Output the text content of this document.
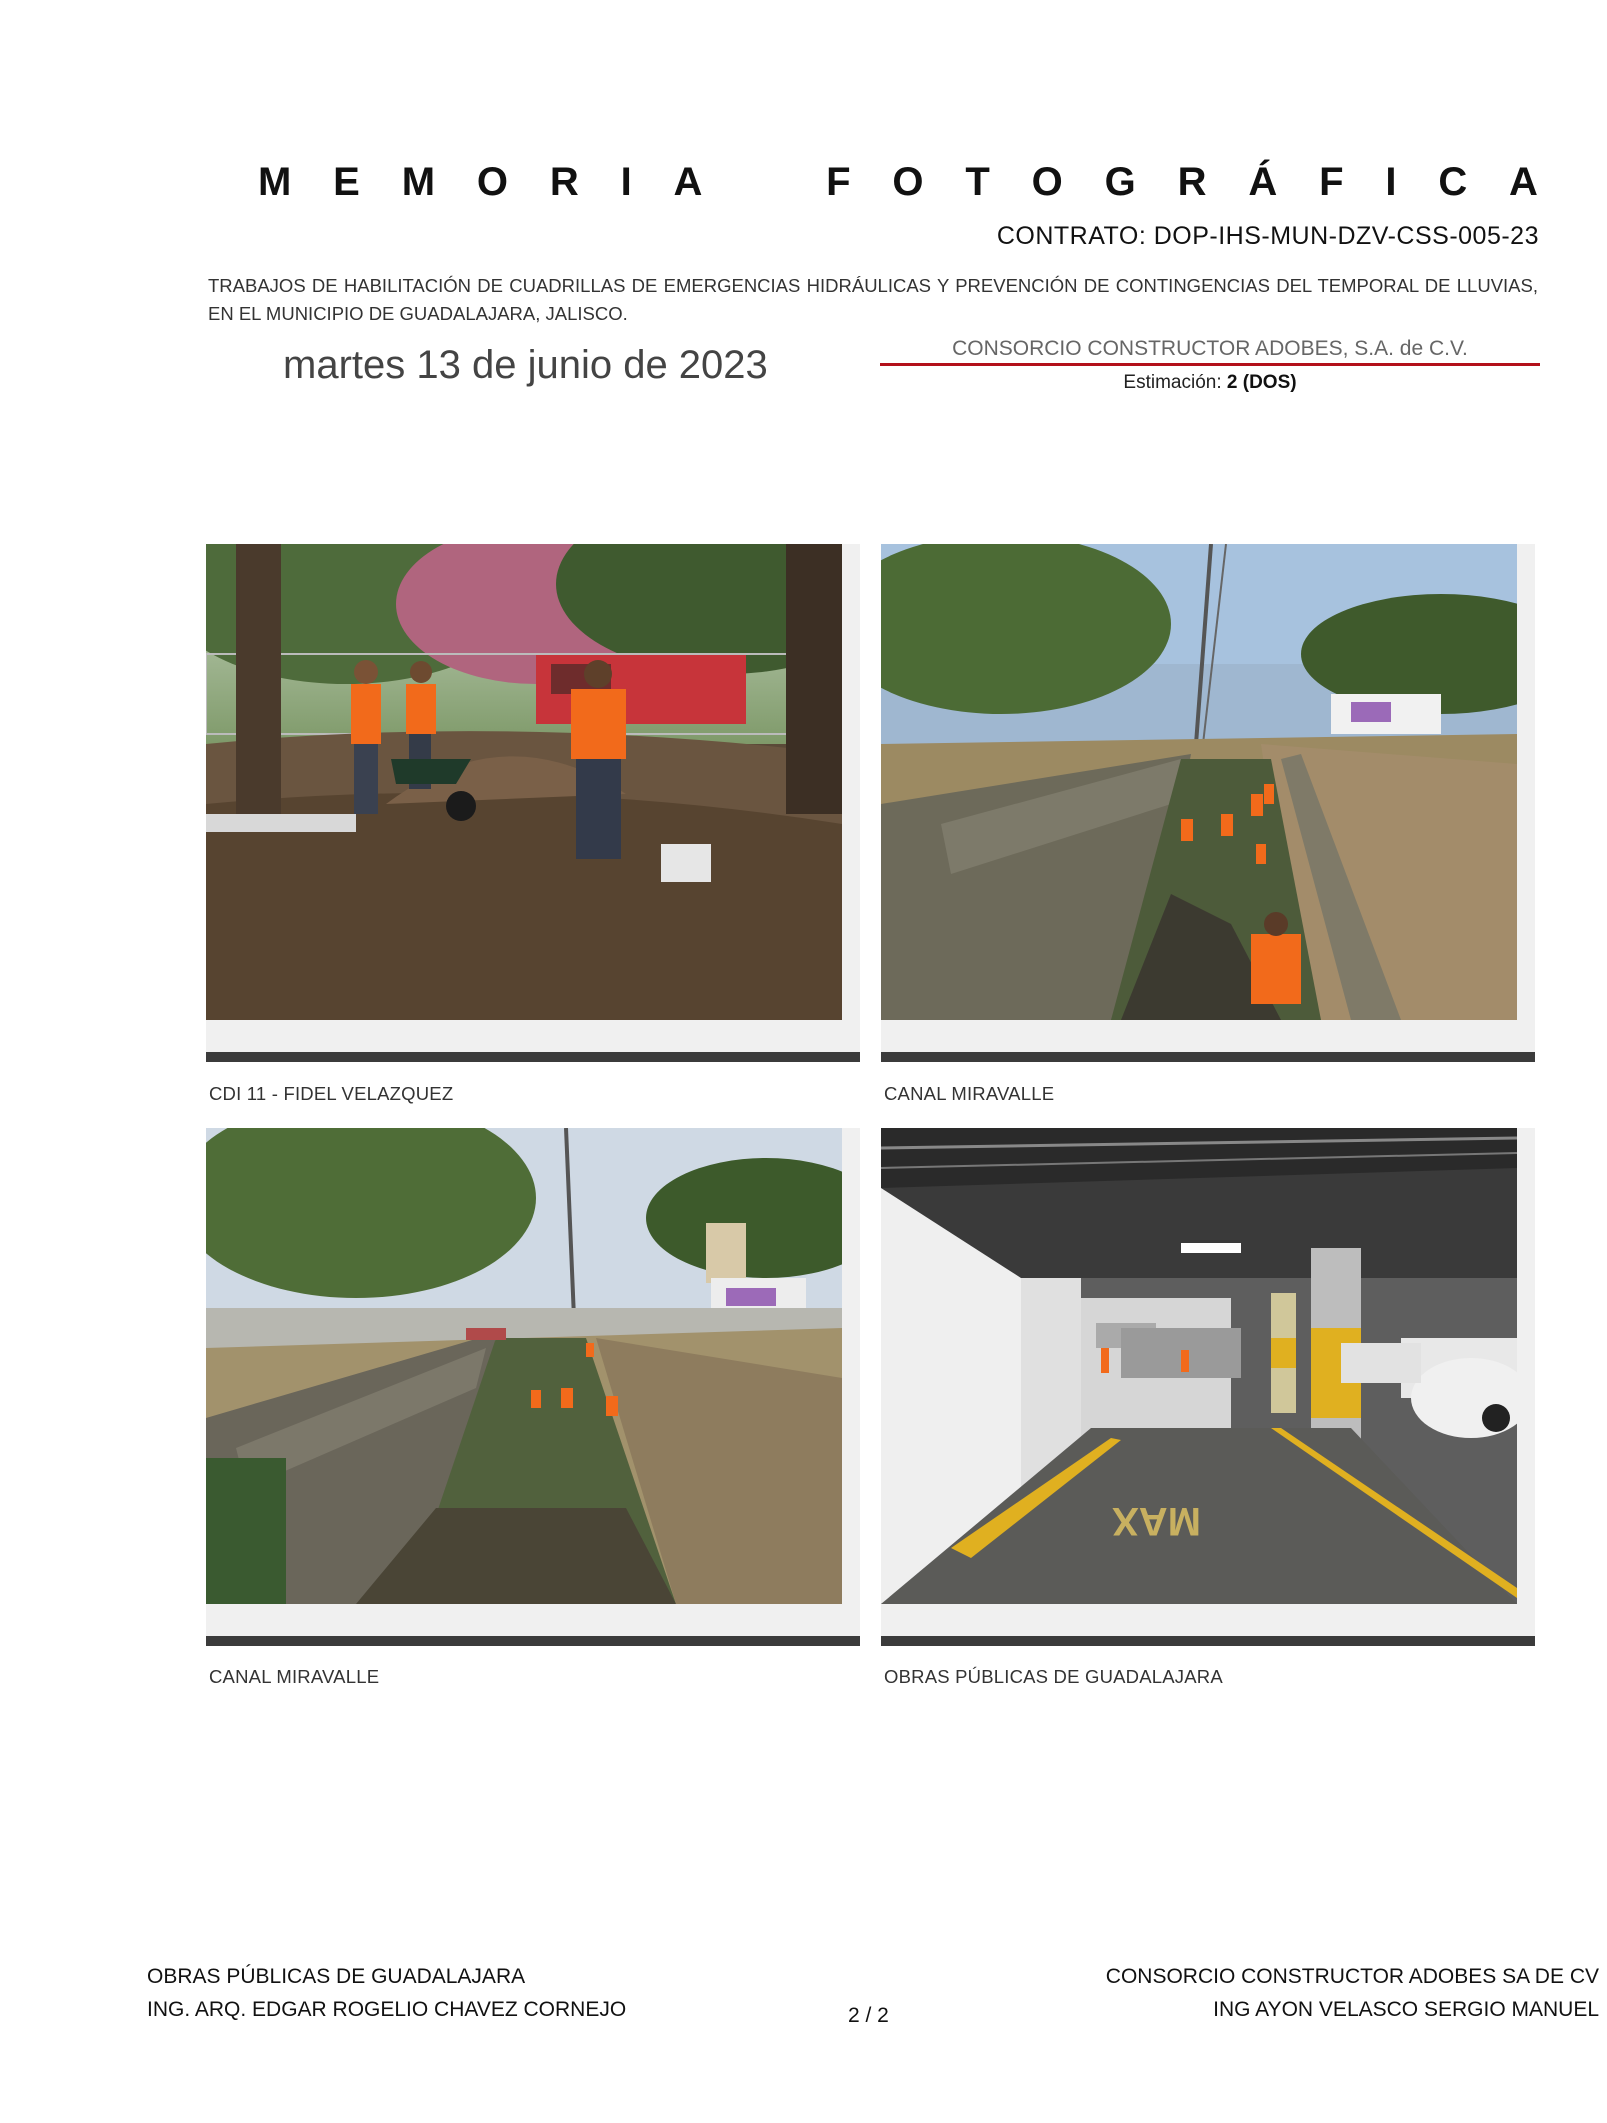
M E M O R I A	F O T O G R Á F I C A
CONTRATO: DOP-IHS-MUN-DZV-CSS-005-23
TRABAJOS DE HABILITACIÓN DE CUADRILLAS DE EMERGENCIAS HIDRÁULICAS Y PREVENCIÓN DE CONTINGENCIAS DEL TEMPORAL DE LLUVIAS, EN EL MUNICIPIO DE GUADALAJARA, JALISCO.
martes 13 de junio de 2023	CONSORCIO CONSTRUCTOR ADOBES, S.A. de C.V.
Estimación: 2 (DOS)
CDI 11 - FIDEL VELAZQUEZ	CANAL MIRAVALLE
CANAL MIRAVALLE
MAX
OBRAS PÚBLICAS DE GUADALAJARA
OBRAS PÚBLICAS DE GUADALAJARA
ING. ARQ. EDGAR ROGELIO CHAVEZ CORNEJO	2 / 2
CONSORCIO CONSTRUCTOR ADOBES SA DE CV
ING AYON VELASCO SERGIO MANUEL
